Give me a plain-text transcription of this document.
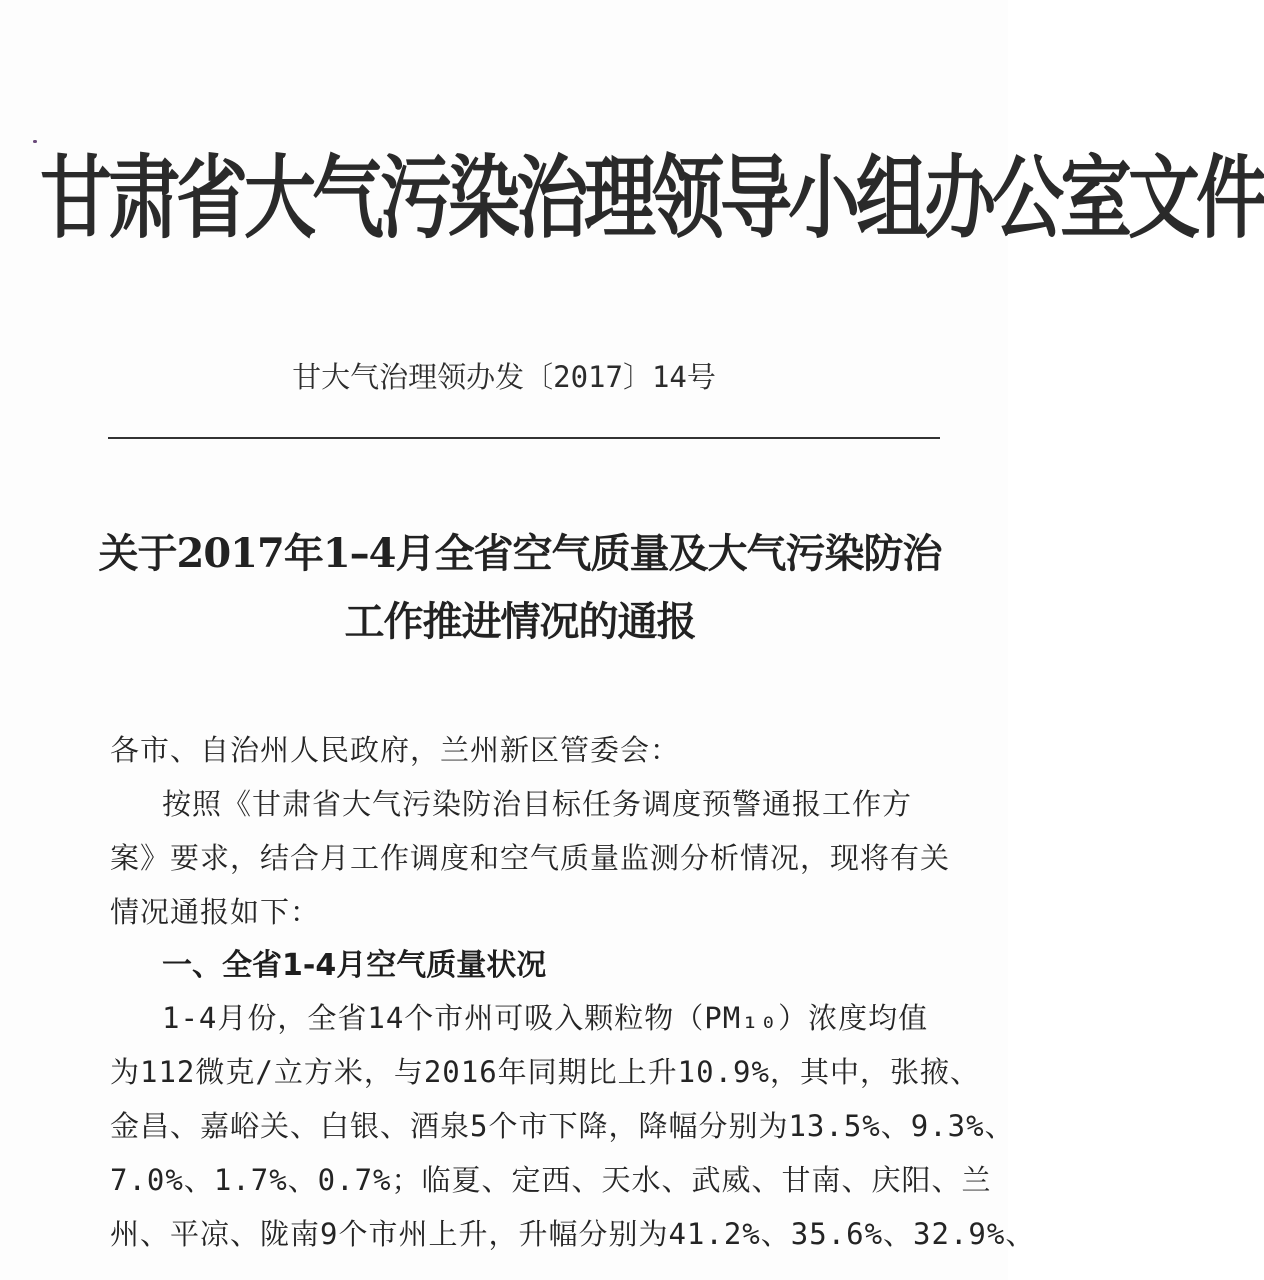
甘肃省大气污染治理领导小组办公室文件
甘大气治理领办发〔2017〕14号
关于2017年1–4月全省空气质量及大气污染防治
工作推进情况的通报
各市、自治州人民政府，兰州新区管委会：
按照《甘肃省大气污染防治目标任务调度预警通报工作方
案》要求，结合月工作调度和空气质量监测分析情况，现将有关
情况通报如下：
一、全省1-4月空气质量状况
1-4月份，全省14个市州可吸入颗粒物（PM₁₀）浓度均值
为112微克/立方米，与2016年同期比上升10.9%，其中，张掖、
金昌、嘉峪关、白银、酒泉5个市下降，降幅分别为13.5%、9.3%、
7.0%、1.7%、0.7%；临夏、定西、天水、武威、甘南、庆阳、兰
州、平凉、陇南9个市州上升，升幅分别为41.2%、35.6%、32.9%、
